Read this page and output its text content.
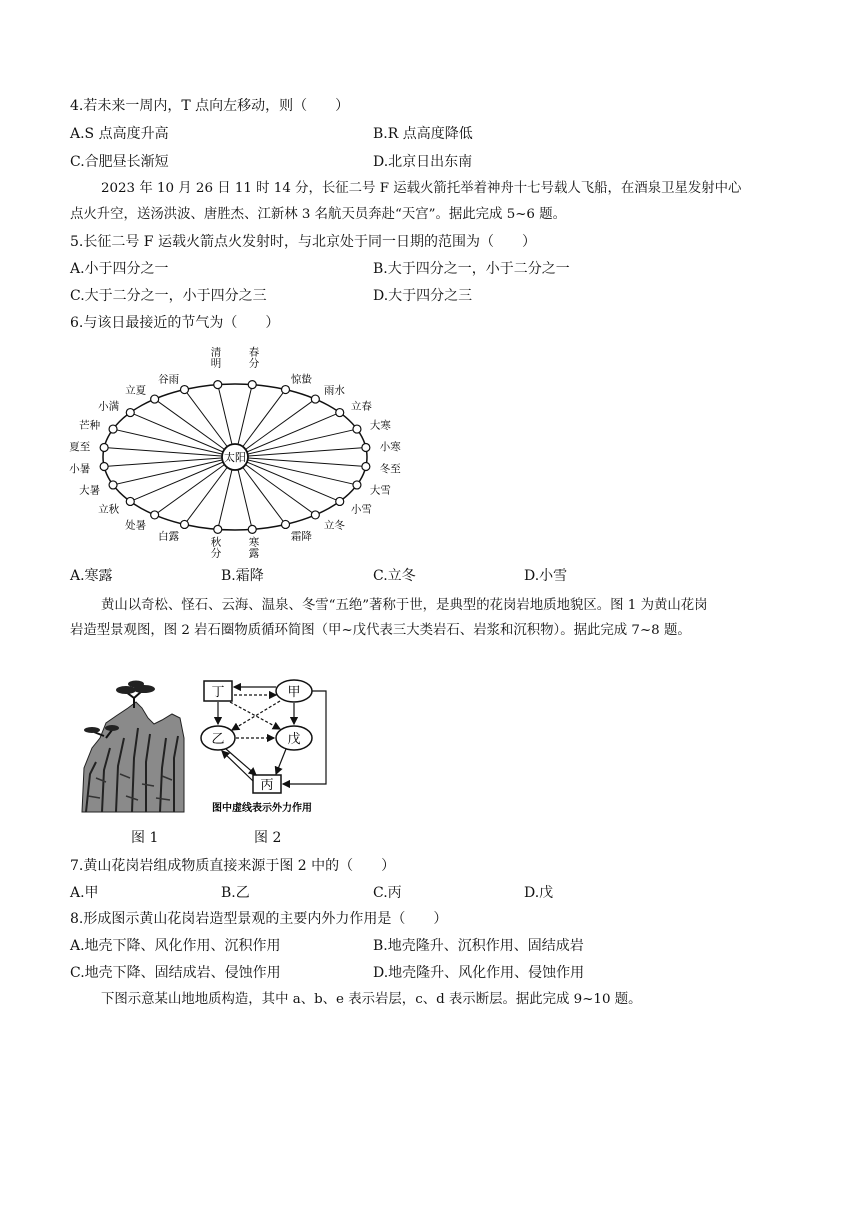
4.若未来一周内，T 点向左移动，则（　　）
A.S 点高度升高	B.R 点高度降低
C.合肥昼长渐短	D.北京日出东南
2023 年 10 月 26 日 11 时 14 分，长征二号 F 运载火箭托举着神舟十七号载人飞船，在酒泉卫星发射中心
点火升空，送汤洪波、唐胜杰、江新林 3 名航天员奔赴“天宫”。据此完成 5~6 题。
5.长征二号 F 运载火箭点火发射时，与北京处于同一日期的范围为（　　）
A.小于四分之一	B.大于四分之一，小于二分之一
C.大于二分之一，小于四分之三	D.大于四分之三
6.与该日最接近的节气为（　　）
太阳
清明
谷雨
立夏
小满
芒种
夏至
小暑
大暑
立秋
处暑
白露	秋分
寒露
霜降
立冬
小雪
大雪
冬至
小寒
大寒
立春
雨水
惊蛰
春分
A.寒露	B.霜降	C.立冬	D.小雪
黄山以奇松、怪石、云海、温泉、冬雪“五绝”著称于世，是典型的花岗岩地质地貌区。图 1 为黄山花岗
岩造型景观图，图 2 岩石圈物质循环简图（甲~戊代表三大类岩石、岩浆和沉积物）。据此完成 7~8 题。
丁	甲
乙	戊
丙
图中虚线表示外力作用
图 1	图 2
7.黄山花岗岩组成物质直接来源于图 2 中的（　　）
A.甲	B.乙	C.丙	D.戊
8.形成图示黄山花岗岩造型景观的主要内外力作用是（　　）
A.地壳下降、风化作用、沉积作用	B.地壳隆升、沉积作用、固结成岩
C.地壳下降、固结成岩、侵蚀作用	D.地壳隆升、风化作用、侵蚀作用
下图示意某山地地质构造，其中 a、b、e 表示岩层，c、d 表示断层。据此完成 9~10 题。
